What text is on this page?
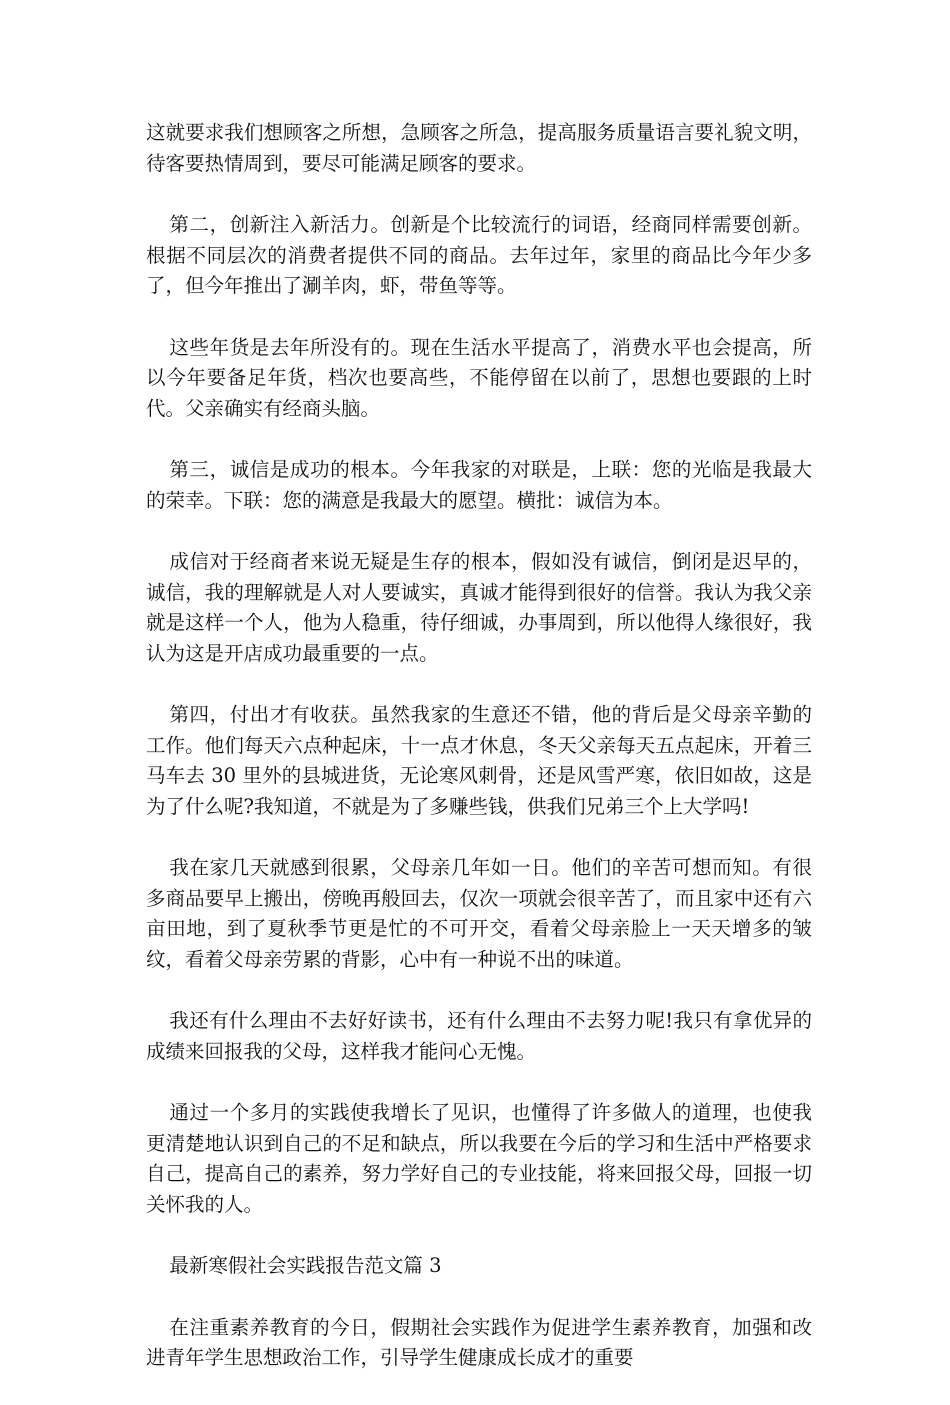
这就要求我们想顾客之所想，急顾客之所急，提高服务质量语言要礼貌文明，待客要热情周到，要尽可能满足顾客的要求。

第二，创新注入新活力。创新是个比较流行的词语，经商同样需要创新。根据不同层次的消费者提供不同的商品。去年过年，家里的商品比今年少多了，但今年推出了涮羊肉，虾，带鱼等等。

这些年货是去年所没有的。现在生活水平提高了，消费水平也会提高，所以今年要备足年货，档次也要高些，不能停留在以前了，思想也要跟的上时代。父亲确实有经商头脑。

第三，诚信是成功的根本。今年我家的对联是，上联：您的光临是我最大的荣幸。下联：您的满意是我最大的愿望。横批：诚信为本。

成信对于经商者来说无疑是生存的根本，假如没有诚信，倒闭是迟早的，诚信，我的理解就是人对人要诚实，真诚才能得到很好的信誉。我认为我父亲就是这样一个人，他为人稳重，待仔细诚，办事周到，所以他得人缘很好，我认为这是开店成功最重要的一点。

第四，付出才有收获。虽然我家的生意还不错，他的背后是父母亲辛勤的工作。他们每天六点种起床，十一点才休息，冬天父亲每天五点起床，开着三马车去 30 里外的县城进货，无论寒风刺骨，还是风雪严寒，依旧如故，这是为了什么呢?我知道，不就是为了多赚些钱，供我们兄弟三个上大学吗!

我在家几天就感到很累，父母亲几年如一日。他们的辛苦可想而知。有很多商品要早上搬出，傍晚再般回去，仅次一项就会很辛苦了，而且家中还有六亩田地，到了夏秋季节更是忙的不可开交，看着父母亲脸上一天天增多的皱纹，看着父母亲劳累的背影，心中有一种说不出的味道。

我还有什么理由不去好好读书，还有什么理由不去努力呢!我只有拿优异的成绩来回报我的父母，这样我才能问心无愧。

通过一个多月的实践使我增长了见识，也懂得了许多做人的道理，也使我更清楚地认识到自己的不足和缺点，所以我要在今后的学习和生活中严格要求自己，提高自己的素养，努力学好自己的专业技能，将来回报父母，回报一切关怀我的人。

最新寒假社会实践报告范文篇 3

在注重素养教育的今日，假期社会实践作为促进学生素养教育，加强和改进青年学生思想政治工作，引导学生健康成长成才的重要
